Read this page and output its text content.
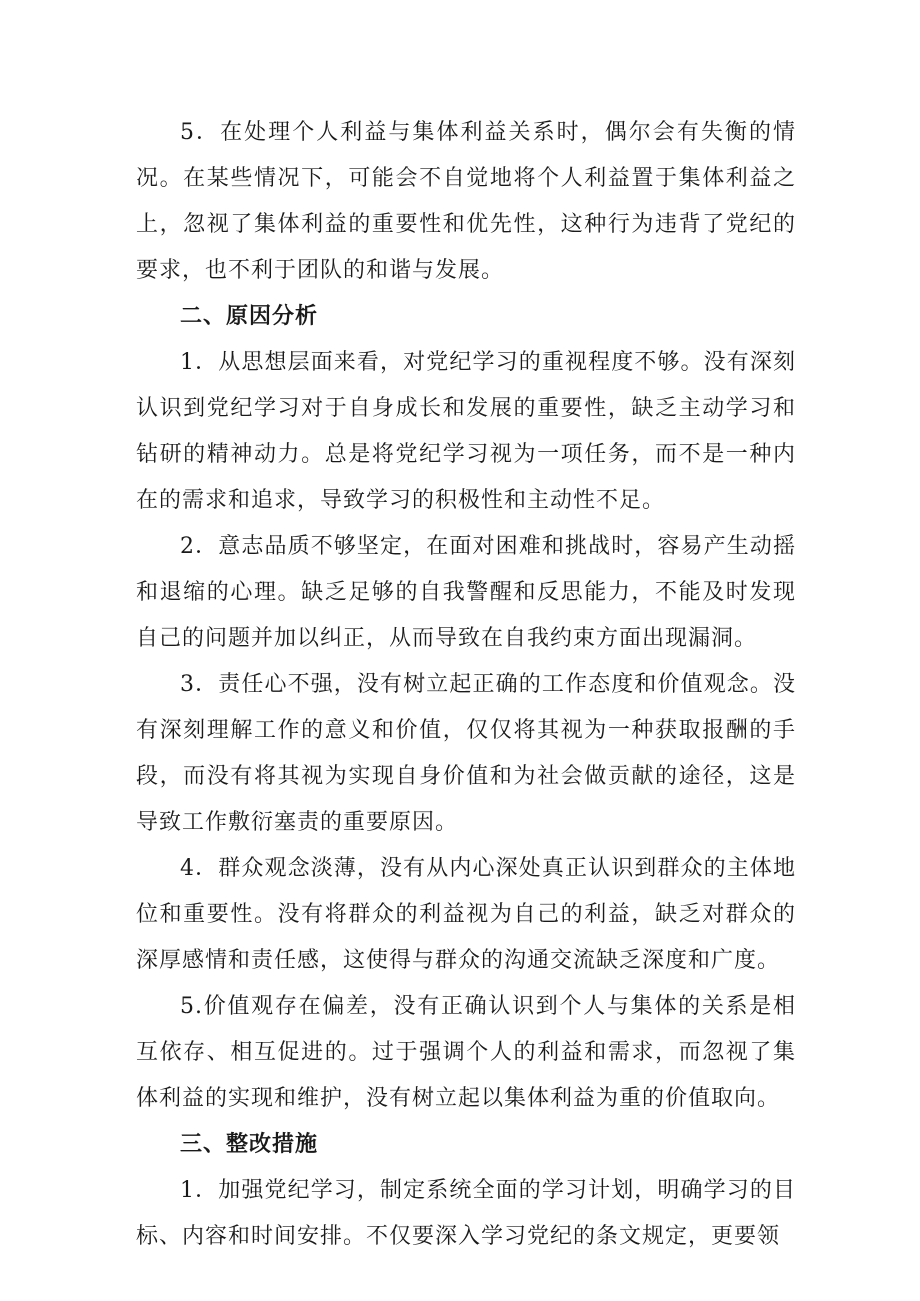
5．在处理个人利益与集体利益关系时，偶尔会有失衡的情况。在某些情况下，可能会不自觉地将个人利益置于集体利益之上，忽视了集体利益的重要性和优先性，这种行为违背了党纪的要求，也不利于团队的和谐与发展。

二、原因分析

1．从思想层面来看，对党纪学习的重视程度不够。没有深刻认识到党纪学习对于自身成长和发展的重要性，缺乏主动学习和钻研的精神动力。总是将党纪学习视为一项任务，而不是一种内在的需求和追求，导致学习的积极性和主动性不足。

2．意志品质不够坚定，在面对困难和挑战时，容易产生动摇和退缩的心理。缺乏足够的自我警醒和反思能力，不能及时发现自己的问题并加以纠正，从而导致在自我约束方面出现漏洞。

3．责任心不强，没有树立起正确的工作态度和价值观念。没有深刻理解工作的意义和价值，仅仅将其视为一种获取报酬的手段，而没有将其视为实现自身价值和为社会做贡献的途径，这是导致工作敷衍塞责的重要原因。

4．群众观念淡薄，没有从内心深处真正认识到群众的主体地位和重要性。没有将群众的利益视为自己的利益，缺乏对群众的深厚感情和责任感，这使得与群众的沟通交流缺乏深度和广度。

5.价值观存在偏差，没有正确认识到个人与集体的关系是相互依存、相互促进的。过于强调个人的利益和需求，而忽视了集体利益的实现和维护，没有树立起以集体利益为重的价值取向。

三、整改措施

1．加强党纪学习，制定系统全面的学习计划，明确学习的目标、内容和时间安排。不仅要深入学习党纪的条文规定，更要领
